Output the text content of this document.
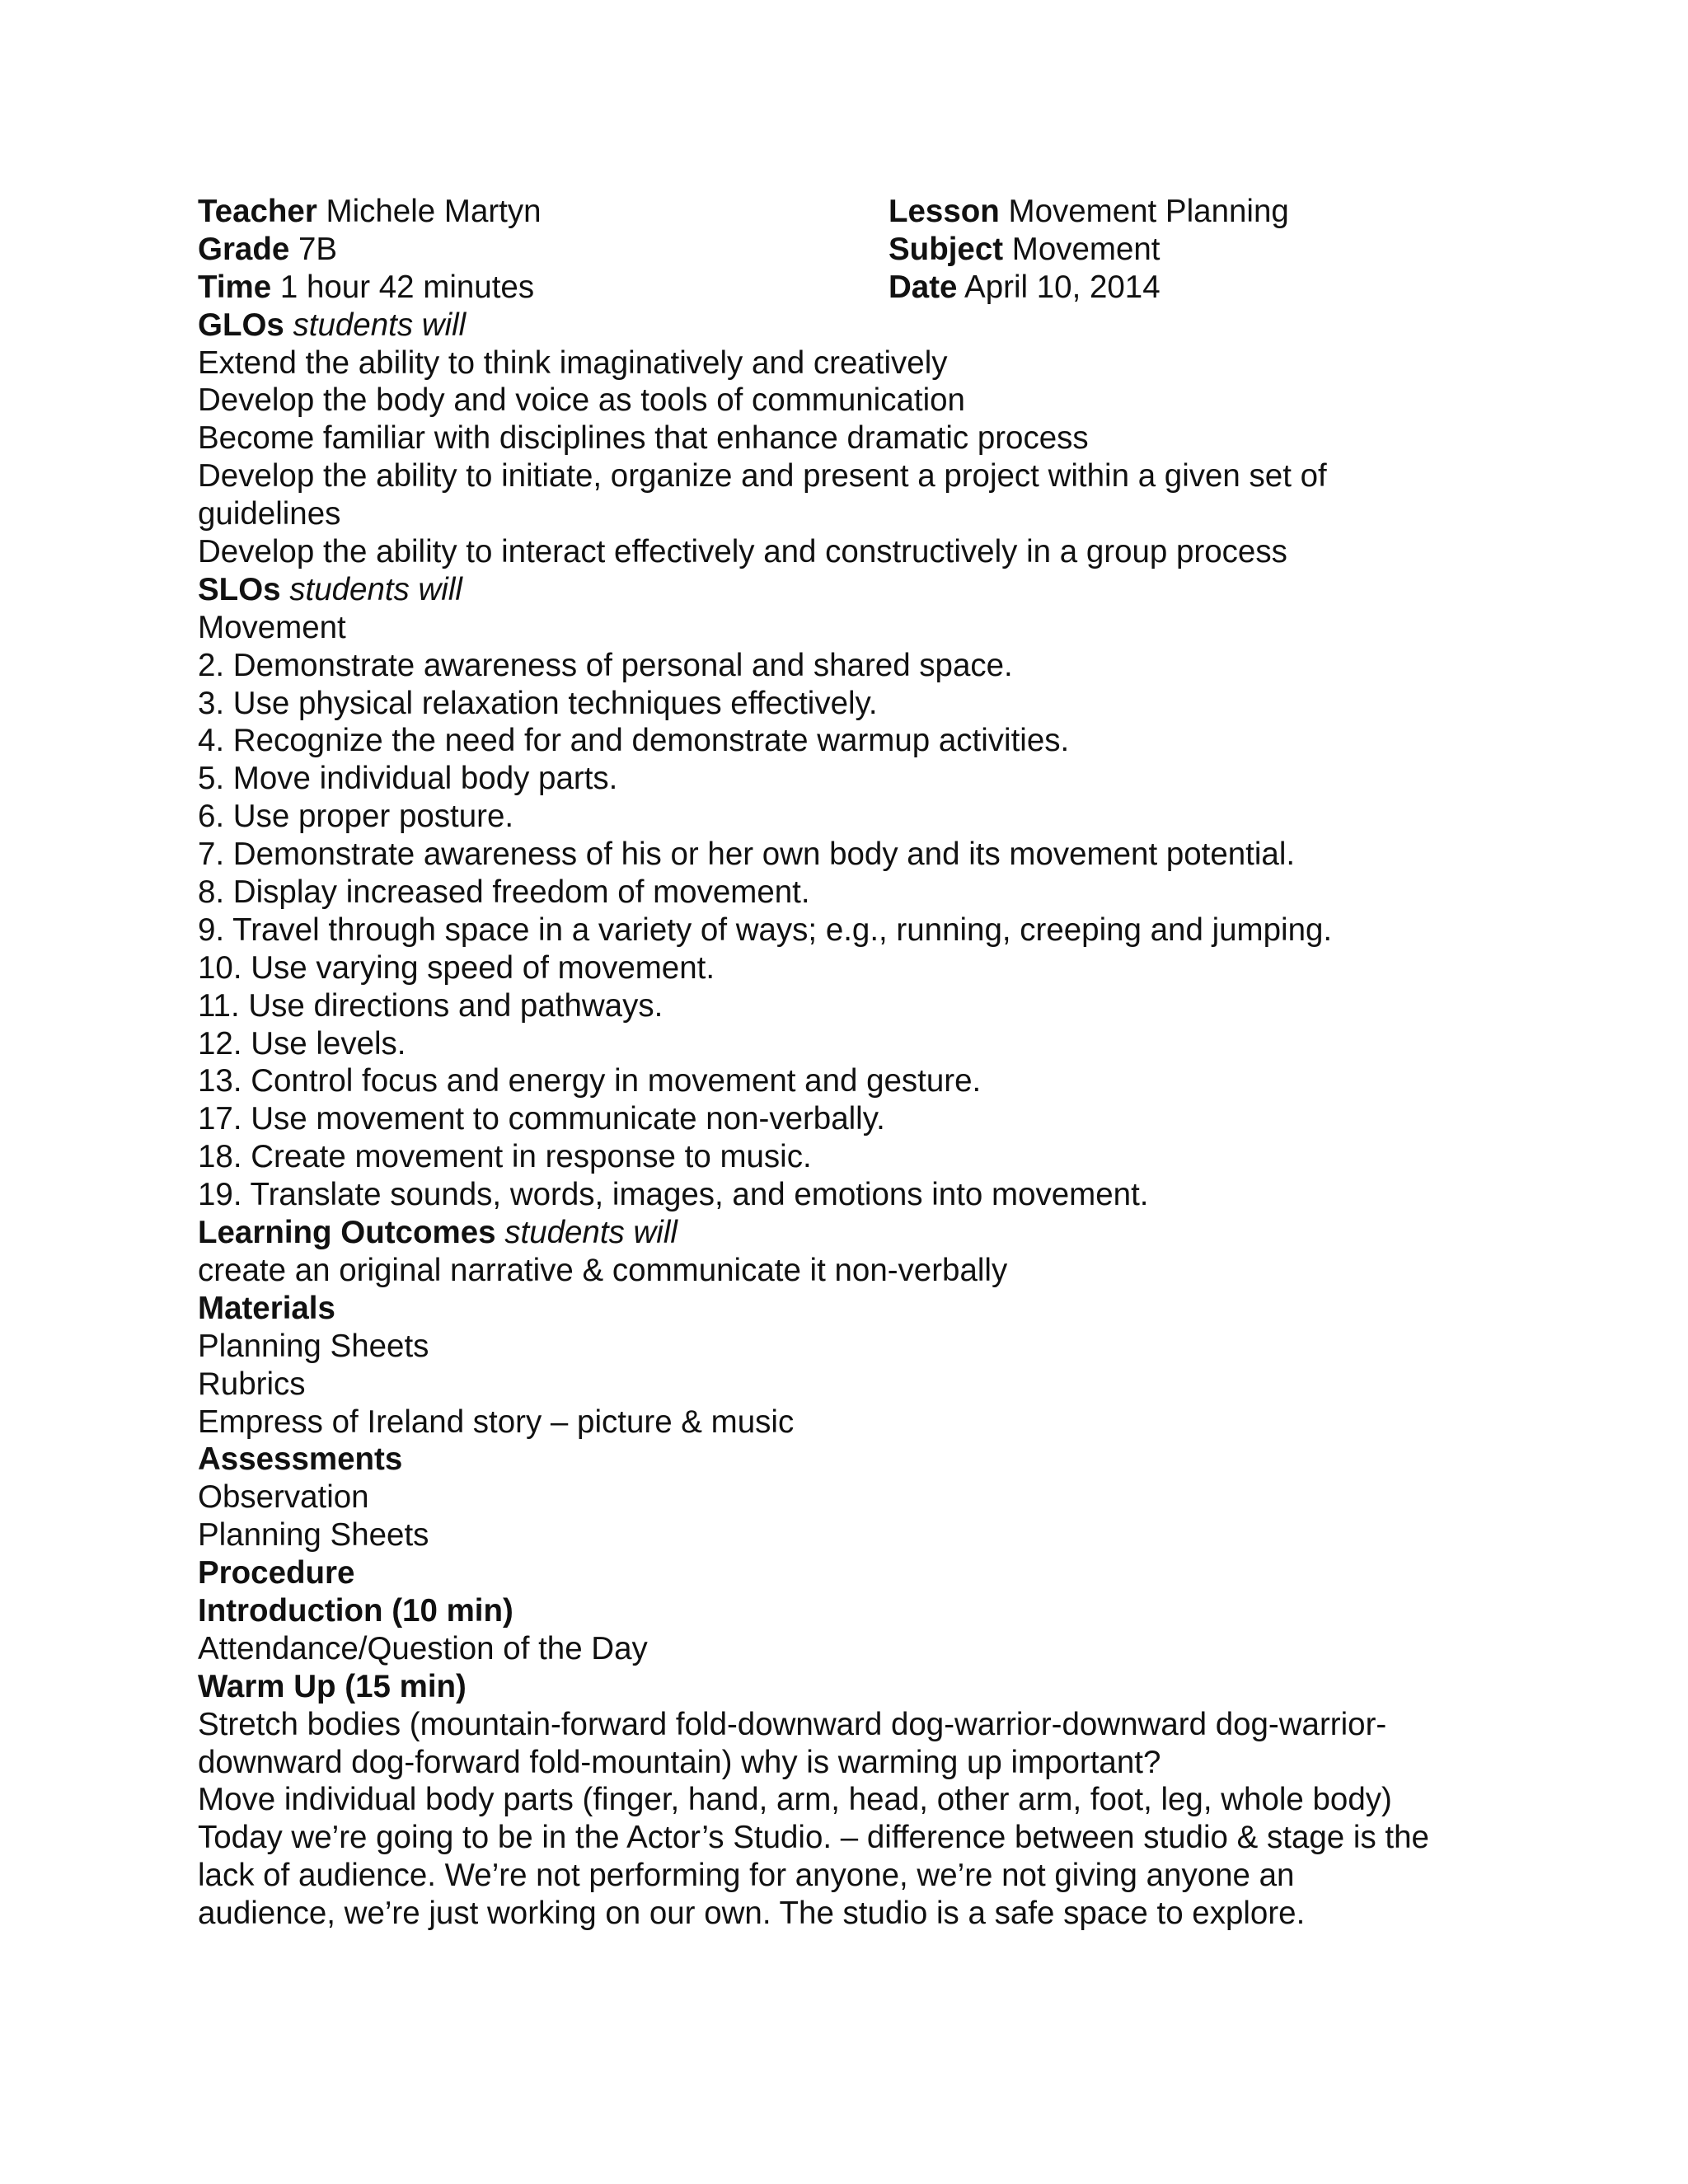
Teacher Michele Martyn	Lesson Movement Planning
Grade 7B	Subject Movement
Time 1 hour 42 minutes	Date April 10, 2014
GLOs students will
Extend the ability to think imaginatively and creatively
Develop the body and voice as tools of communication
Become familiar with disciplines that enhance dramatic process
Develop the ability to initiate, organize and present a project within a given set of
guidelines
Develop the ability to interact effectively and constructively in a group process
SLOs students will
Movement
2. Demonstrate awareness of personal and shared space.
3. Use physical relaxation techniques effectively.
4. Recognize the need for and demonstrate warmup activities.
5. Move individual body parts.
6. Use proper posture.
7. Demonstrate awareness of his or her own body and its movement potential.
8. Display increased freedom of movement.
9. Travel through space in a variety of ways; e.g., running, creeping and jumping.
10. Use varying speed of movement.
11. Use directions and pathways.
12. Use levels.
13. Control focus and energy in movement and gesture.
17. Use movement to communicate non-verbally.
18. Create movement in response to music.
19. Translate sounds, words, images, and emotions into movement.
Learning Outcomes students will
create an original narrative & communicate it non-verbally
Materials
Planning Sheets
Rubrics
Empress of Ireland story – picture & music
Assessments
Observation
Planning Sheets
Procedure
Introduction (10 min)
Attendance/Question of the Day
Warm Up (15 min)
Stretch bodies (mountain-forward fold-downward dog-warrior-downward dog-warrior-
downward dog-forward fold-mountain) why is warming up important?
Move individual body parts (finger, hand, arm, head, other arm, foot, leg, whole body)
Today we’re going to be in the Actor’s Studio. – difference between studio & stage is the
lack of audience. We’re not performing for anyone, we’re not giving anyone an
audience, we’re just working on our own. The studio is a safe space to explore.
